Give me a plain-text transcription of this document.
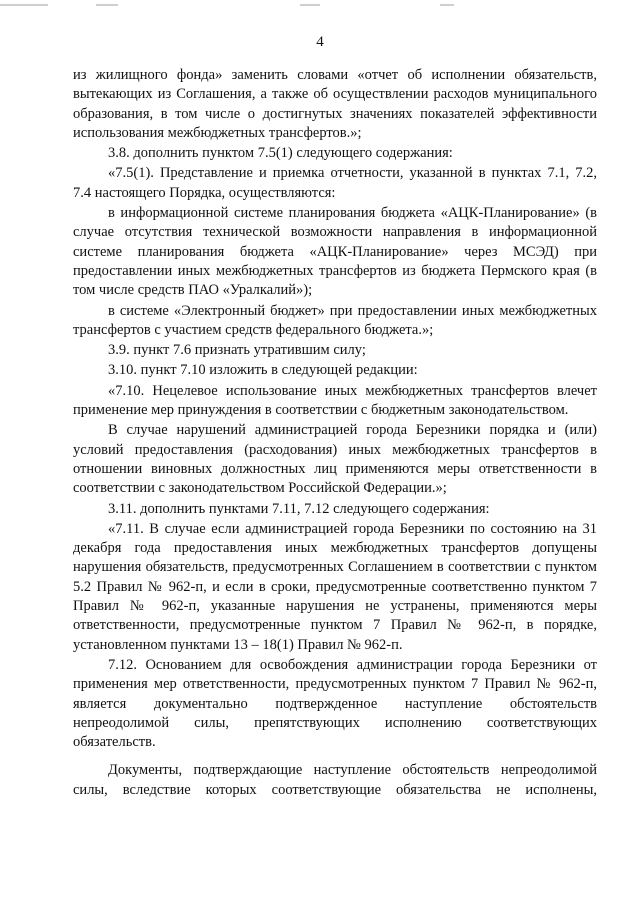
4

из жилищного фонда» заменить словами «отчет об исполнении обязательств, вытекающих из Соглашения, а также об осуществлении расходов муниципального образования, в том числе о достигнутых значениях показателей эффективности использования межбюджетных трансфертов.»;

3.8. дополнить пунктом 7.5(1) следующего содержания:

«7.5(1). Представление и приемка отчетности, указанной в пунктах 7.1, 7.2, 7.4 настоящего Порядка, осуществляются:

в информационной системе планирования бюджета «АЦК-Планирование» (в случае отсутствия технической возможности направления в информационной системе планирования бюджета «АЦК-Планирование» через МСЭД) при предоставлении иных межбюджетных трансфертов из бюджета Пермского края (в том числе средств ПАО «Уралкалий»);

в системе «Электронный бюджет» при предоставлении иных межбюджетных трансфертов с участием средств федерального бюджета.»;

3.9. пункт 7.6 признать утратившим силу;

3.10. пункт 7.10 изложить в следующей редакции:

«7.10. Нецелевое использование иных межбюджетных трансфертов влечет применение мер принуждения в соответствии с бюджетным законодательством.

В случае нарушений администрацией города Березники порядка и (или) условий предоставления (расходования) иных межбюджетных трансфертов в отношении виновных должностных лиц применяются меры ответственности в соответствии с законодательством Российской Федерации.»;

3.11. дополнить пунктами 7.11, 7.12 следующего содержания:

«7.11. В случае если администрацией города Березники по состоянию на 31 декабря года предоставления иных межбюджетных трансфертов допущены нарушения обязательств, предусмотренных Соглашением в соответствии с пунктом 5.2 Правил № 962-п, и если в сроки, предусмотренные соответственно пунктом 7 Правил № 962-п, указанные нарушения не устранены, применяются меры ответственности, предусмотренные пунктом 7 Правил № 962-п, в порядке, установленном пунктами 13 – 18(1) Правил № 962-п.

7.12. Основанием для освобождения администрации города Березники от применения мер ответственности, предусмотренных пунктом 7 Правил № 962-п, является документально подтвержденное наступление обстоятельств непреодолимой силы, препятствующих исполнению соответствующих обязательств.

Документы, подтверждающие наступление обстоятельств непреодолимой силы, вследствие которых соответствующие обязательства не исполнены,
